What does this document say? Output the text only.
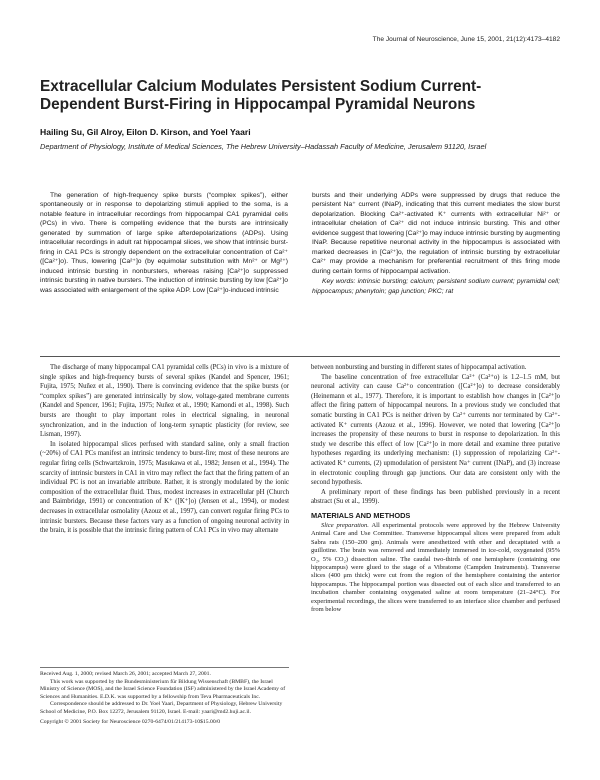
The Journal of Neuroscience, June 15, 2001, 21(12):4173–4182
Extracellular Calcium Modulates Persistent Sodium Current-Dependent Burst-Firing in Hippocampal Pyramidal Neurons
Hailing Su, Gil Alroy, Eilon D. Kirson, and Yoel Yaari
Department of Physiology, Institute of Medical Sciences, The Hebrew University–Hadassah Faculty of Medicine, Jerusalem 91120, Israel

The generation of high-frequency spike bursts (“complex spikes”), either spontaneously or in response to depolarizing stimuli applied to the soma, is a notable feature in intracellular recordings from hippocampal CA1 pyramidal cells (PCs) in vivo. There is compelling evidence that the bursts are intrinsically generated by summation of large spike afterdepolarizations (ADPs). Using intracellular recordings in adult rat hippocampal slices, we show that intrinsic burst-firing in CA1 PCs is strongly dependent on the extracellular concentration of Ca²⁺ ([Ca²⁺]o). Thus, lowering [Ca²⁺]o (by equimolar substitution with Mn²⁺ or Mg²⁺) induced intrinsic bursting in nonbursters, whereas raising [Ca²⁺]o suppressed intrinsic bursting in native bursters. The induction of intrinsic bursting by low [Ca²⁺]o was associated with enlargement of the spike ADP. Low [Ca²⁺]o-induced intrinsic

bursts and their underlying ADPs were suppressed by drugs that reduce the persistent Na⁺ current (INaP), indicating that this current mediates the slow burst depolarization. Blocking Ca²⁺-activated K⁺ currents with extracellular Ni²⁺ or intracellular chelation of Ca²⁺ did not induce intrinsic bursting. This and other evidence suggest that lowering [Ca²⁺]o may induce intrinsic bursting by augmenting INaP. Because repetitive neuronal activity in the hippocampus is associated with marked decreases in [Ca²⁺]o, the regulation of intrinsic bursting by extracellular Ca²⁺ may provide a mechanism for preferential recruitment of this firing mode during certain forms of hippocampal activation.

Key words: intrinsic bursting; calcium; persistent sodium current; pyramidal cell; hippocampus; phenytoin; gap junction; PKC; rat

The discharge of many hippocampal CA1 pyramidal cells (PCs) in vivo is a mixture of single spikes and high-frequency bursts of several spikes (Kandel and Spencer, 1961; Fujita, 1975; Nuñez et al., 1990). There is convincing evidence that the spike bursts (or “complex spikes”) are generated intrinsically by slow, voltage-gated membrane currents (Kandel and Spencer, 1961; Fujita, 1975; Nuñez et al., 1990; Kamondi et al., 1998). Such bursts are thought to play important roles in electrical signaling, in neuronal synchronization, and in the induction of long-term synaptic plasticity (for review, see Lisman, 1997).

In isolated hippocampal slices perfused with standard saline, only a small fraction (~20%) of CA1 PCs manifest an intrinsic tendency to burst-fire; most of these neurons are regular firing cells (Schwartzkroin, 1975; Masukawa et al., 1982; Jensen et al., 1994). The scarcity of intrinsic bursters in CA1 in vitro may reflect the fact that the firing pattern of an individual PC is not an invariable attribute. Rather, it is strongly modulated by the ionic composition of the extracellular fluid. Thus, modest increases in extracellular pH (Church and Baimbridge, 1991) or concentration of K⁺ ([K⁺]o) (Jensen et al., 1994), or modest decreases in extracellular osmolality (Azouz et al., 1997), can convert regular firing PCs to intrinsic bursters. Because these factors vary as a function of ongoing neuronal activity in the brain, it is possible that the intrinsic firing pattern of CA1 PCs in vivo may alternate

between nonbursting and bursting in different states of hippocampal activation.

The baseline concentration of free extracellular Ca²⁺ (Ca²⁺o) is 1.2–1.5 mM, but neuronal activity can cause Ca²⁺o concentration ([Ca²⁺]o) to decrease considerably (Heinemann et al., 1977). Therefore, it is important to establish how changes in [Ca²⁺]o affect the firing pattern of hippocampal neurons. In a previous study we concluded that somatic bursting in CA1 PCs is neither driven by Ca²⁺ currents nor terminated by Ca²⁺-activated K⁺ currents (Azouz et al., 1996). However, we noted that lowering [Ca²⁺]o increases the propensity of these neurons to burst in response to depolarization. In this study we describe this effect of low [Ca²⁺]o in more detail and examine three putative hypotheses regarding its underlying mechanism: (1) suppression of repolarizing Ca²⁺-activated K⁺ currents, (2) upmodulation of persistent Na⁺ current (INaP), and (3) increase in electrotonic coupling through gap junctions. Our data are consistent only with the second hypothesis.

A preliminary report of these findings has been published previously in a recent abstract (Su et al., 1999).

MATERIALS AND METHODS

Slice preparation. All experimental protocols were approved by the Hebrew University Animal Care and Use Committee. Transverse hippocampal slices were prepared from adult Sabra rats (150–200 gm). Animals were anesthetized with ether and decapitated with a guillotine. The brain was removed and immediately immersed in ice-cold, oxygenated (95% O₂, 5% CO₂) dissection saline. The caudal two-thirds of one hemisphere (containing one hippocampus) were glued to the stage of a Vibratome (Campden Instruments). Transverse slices (400 μm thick) were cut from the region of the hemisphere containing the anterior hippocampus. The hippocampal portion was dissected out of each slice and transferred to an incubation chamber containing oxygenated saline at room temperature (21–24°C). For experimental recordings, the slices were transferred to an interface slice chamber and perfused from below

Received Aug. 1, 2000; revised March 26, 2001; accepted March 27, 2001.

This work was supported by the Bundesministerium für Bildung Wissenschaft (BMBF), the Israel Ministry of Science (MOS), and the Israel Science Foundation (ISF) administered by the Israel Academy of Sciences and Humanities. E.D.K. was supported by a fellowship from Teva Pharmaceuticals Inc.

Correspondence should be addressed to Dr. Yoel Yaari, Department of Physiology, Hebrew University School of Medicine, P.O. Box 12272, Jerusalem 91120, Israel. E-mail: yaari@md2.huji.ac.il.

Copyright © 2001 Society for Neuroscience 0270-6474/01/214173-10$15.00/0
